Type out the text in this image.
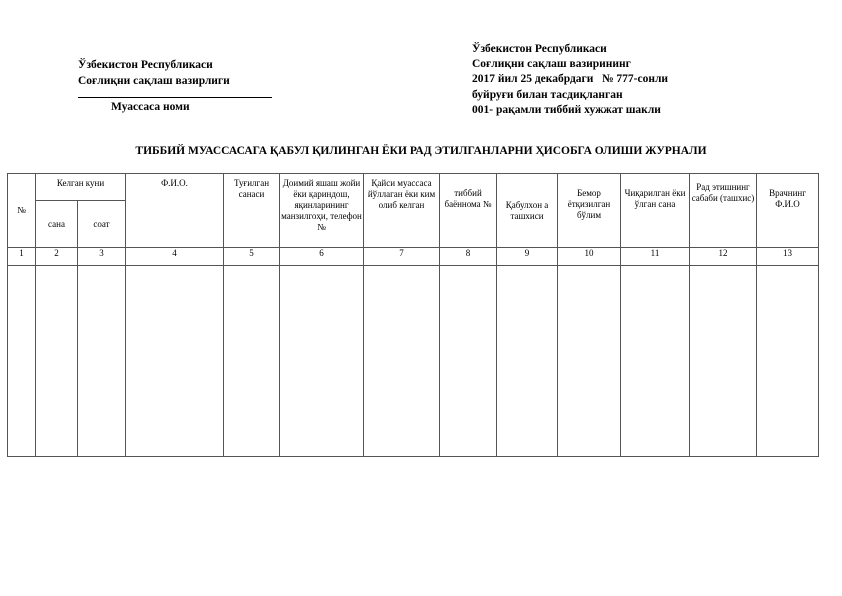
Ўзбекистон Республикаси
Соғлиқни сақлаш вазирлиги
Муассаса номи
Ўзбекистон Республикаси
Соғлиқни сақлаш вазирининг
2017 йил 25 декабрдаги   № 777-сонли
буйруғи билан тасдиқланган
001- рақамли тиббий хужжат шакли
ТИББИЙ МУАССАСАГА ҚАБУЛ ҚИЛИНГАН ЁКИ РАД ЭТИЛГАНЛАРНИ ҲИСОБГА ОЛИШИ ЖУРНАЛИ
№	Келган куни		Ф.И.О.	Туғилган санаси	Доимий яшаш жойи ёки қариндош, яқинларининг манзилгоҳи, телефон №	Қайси муассаса йўллаган ёки ким олиб келган	тиббий баённома №	Қабулхон а ташхиси	Бемор ётқизилган бўлим	Чиқарилган ёки ўлган сана	Рад этишнинг сабаби (ташхис)	Врачнинг Ф.И.О
	сана	соат										
1	2	3	4	5	6	7	8	9	10	11	12	13
